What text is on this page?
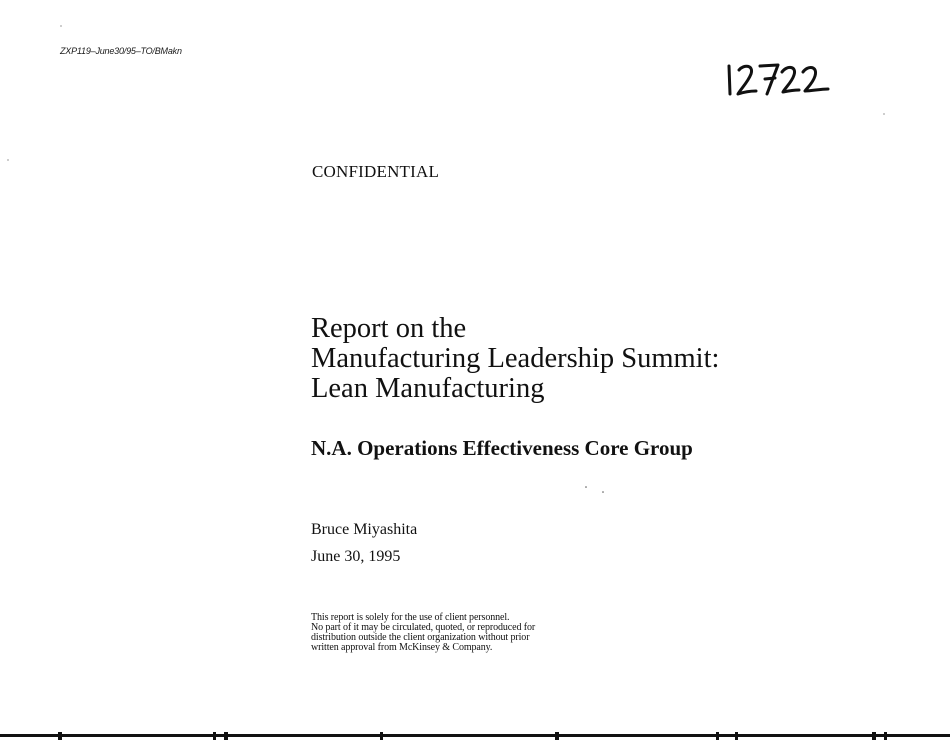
ZXP119–June30/95–TO/BMakn
CONFIDENTIAL
Report on the
Manufacturing Leadership Summit:
Lean Manufacturing
N.A. Operations Effectiveness Core Group
Bruce Miyashita
June 30, 1995
This report is solely for the use of client personnel.
No part of it may be circulated, quoted, or reproduced for
distribution outside the client organization without prior
written approval from McKinsey & Company.
